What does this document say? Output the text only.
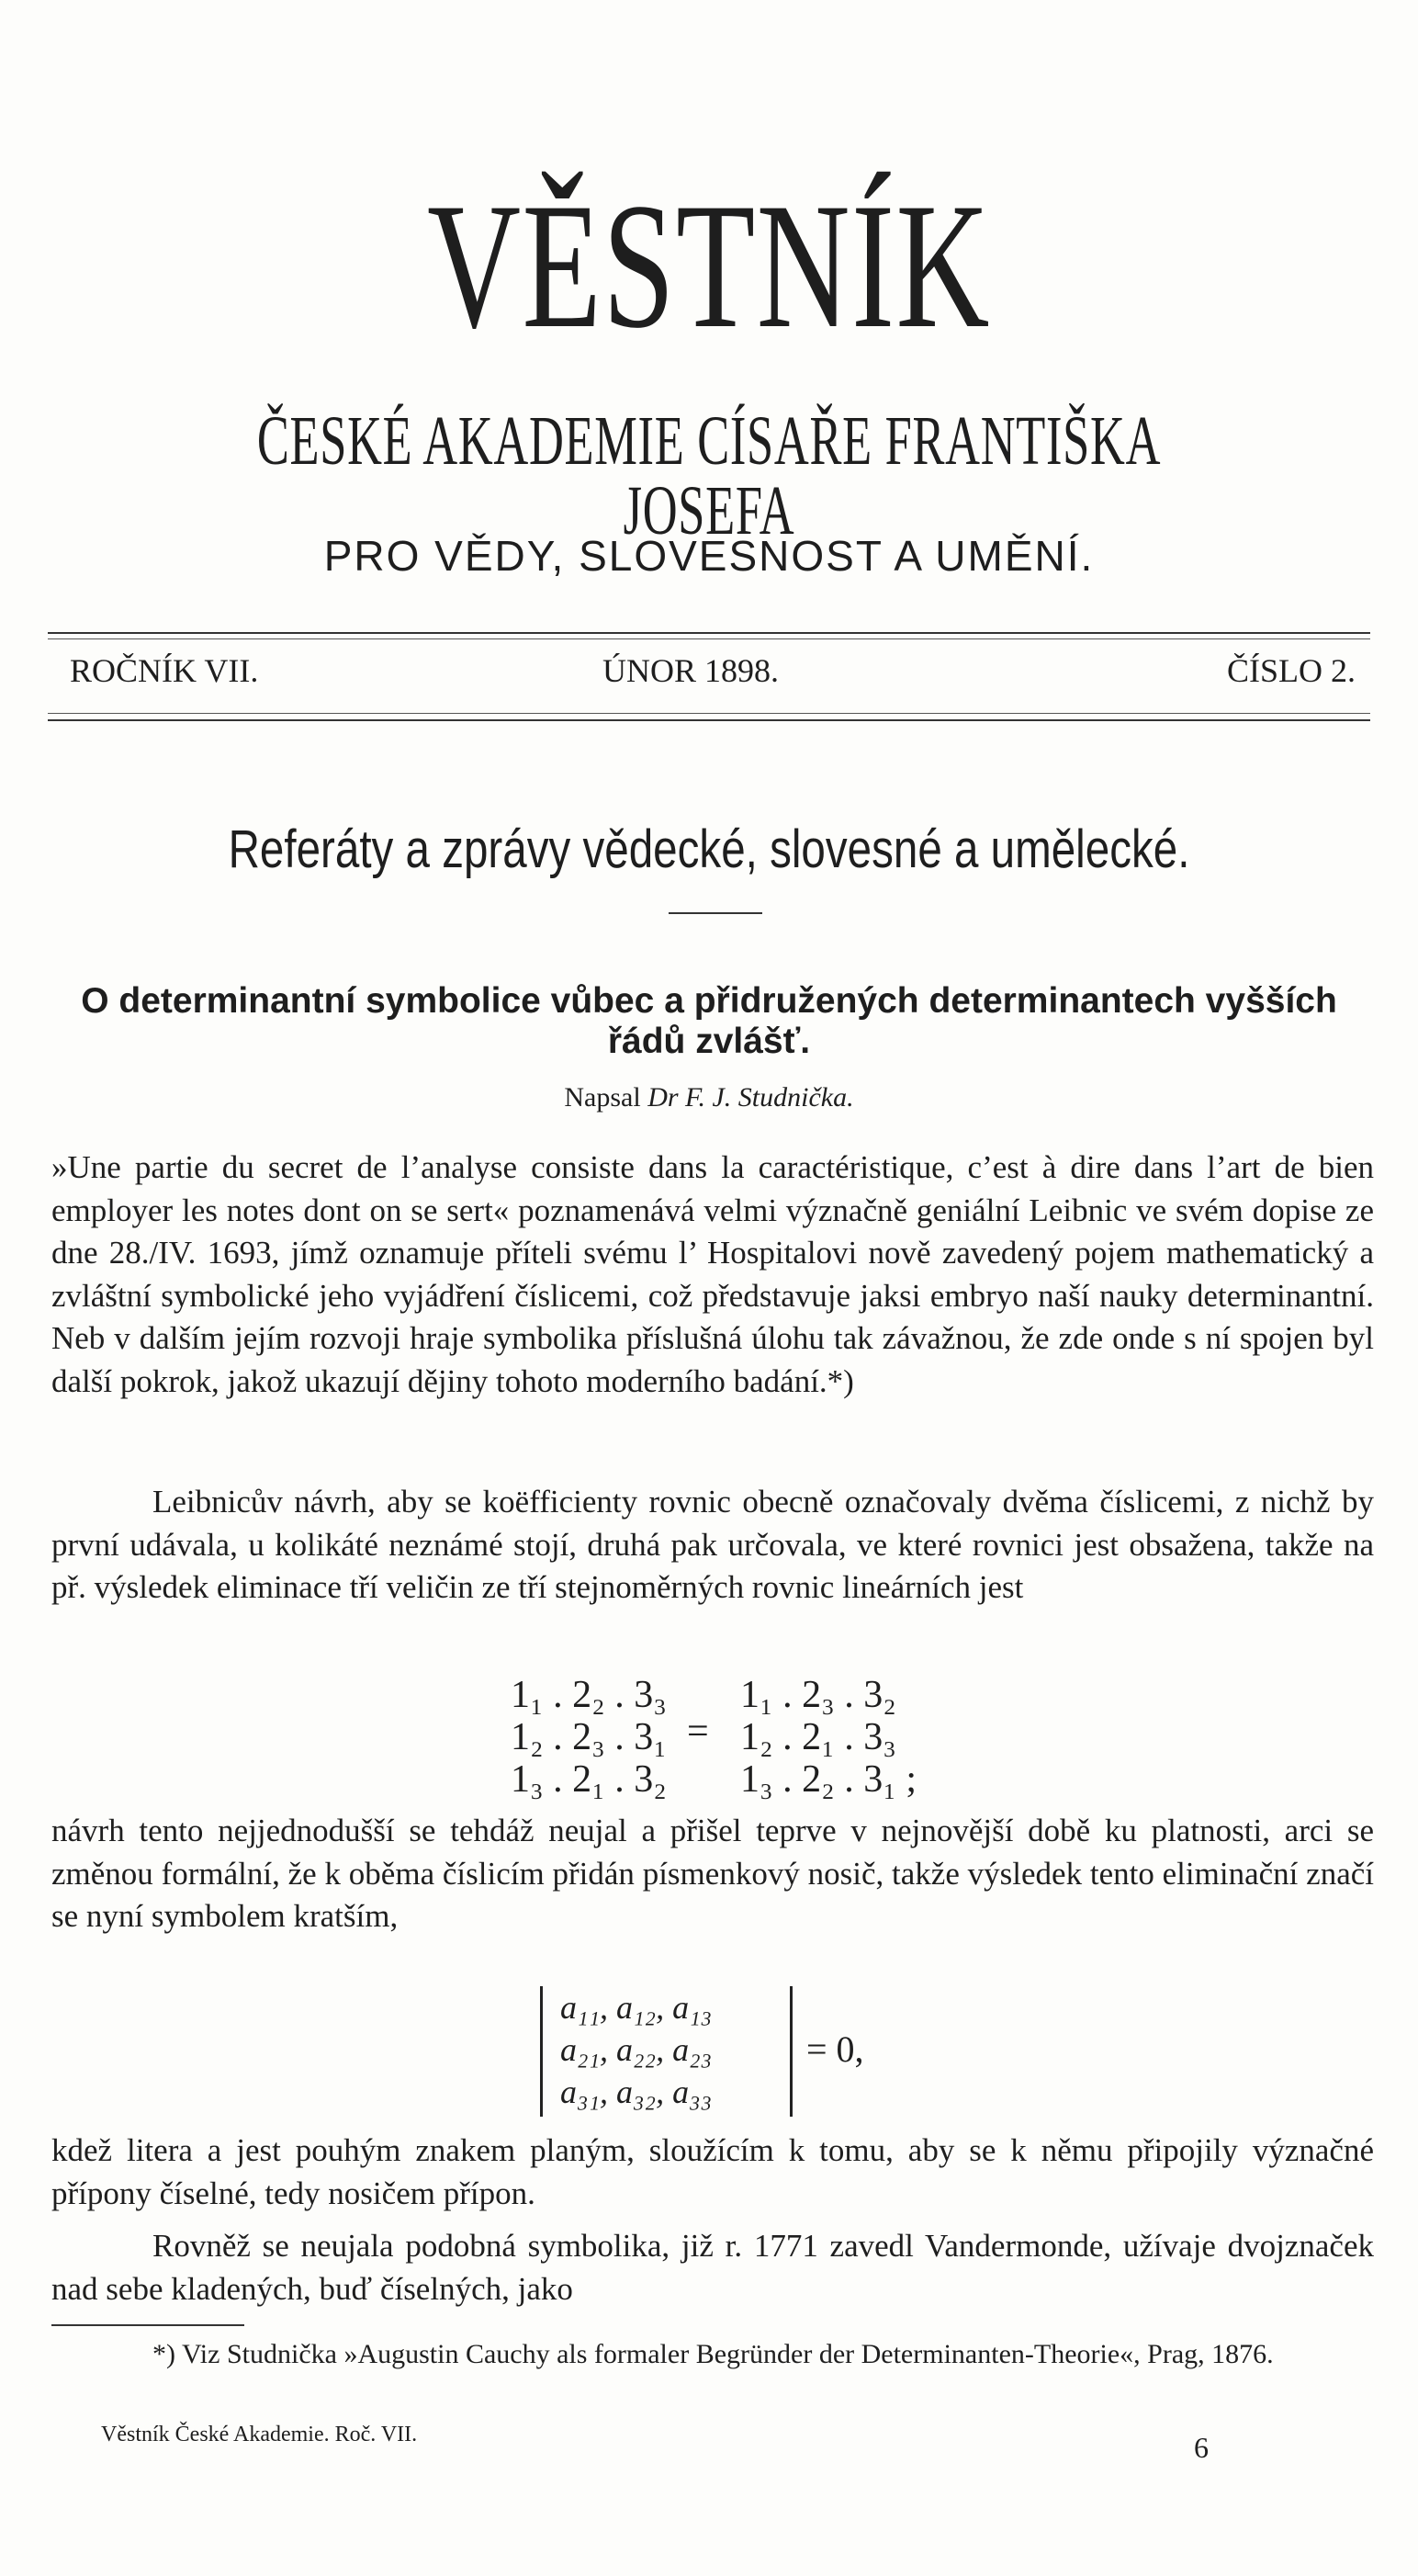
VĚSTNÍK
ČESKÉ AKADEMIE CÍSAŘE FRANTIŠKA JOSEFA
PRO VĚDY, SLOVESNOST A UMĚNÍ.
ROČNÍK VII.	ÚNOR 1898.	ČÍSLO 2.
Referáty a zprávy vědecké, slovesné a umělecké.
O determinantní symbolice vůbec a přidružených determinantech vyšších řádů zvlášť.
Napsal Dr F. J. Studnička.
»Une partie du secret de l’analyse consiste dans la caractéristique, c’est à dire dans l’art de bien employer les notes dont on se sert« poznamenává velmi význačně geniální Leibnic ve svém dopise ze dne 28./IV. 1693, jímž oznamuje příteli svému l’ Hospitalovi nově zavedený pojem mathematický a zvláštní symbolické jeho vyjádření číslicemi, což představuje jaksi embryo naší nauky determinantní. Neb v dalším jejím rozvoji hraje symbolika příslušná úlohu tak závažnou, že zde onde s ní spojen byl další pokrok, jakož ukazují dějiny tohoto moderního badání.*)
Leibnicův návrh, aby se koëfficienty rovnic obecně označovaly dvěma číslicemi, z nichž by první udávala, u kolikáté neznámé stojí, druhá pak určovala, ve které rovnici jest obsažena, takže na př. výsledek eliminace tří veličin ze tří stejnoměrných rovnic lineárních jest
1₁ . 2₂ . 3₃
1₂ . 2₃ . 3₁
1₃ . 2₁ . 3₂
=
1₁ . 2₃ . 3₂
1₂ . 2₁ . 3₃
1₃ . 2₂ . 3₁ ;
návrh tento nejjednodušší se tehdáž neujal a přišel teprve v nejnovější době ku platnosti, arci se změnou formální, že k oběma číslicím přidán písmenkový nosič, takže výsledek tento eliminační značí se nyní symbolem kratším,
a₁₁, a₁₂, a₁₃
a₂₁, a₂₂, a₂₃
a₃₁, a₃₂, a₃₃
= 0,
kdež litera a jest pouhým znakem planým, sloužícím k tomu, aby se k němu připojily význačné přípony číselné, tedy nosičem přípon.
Rovněž se neujala podobná symbolika, již r. 1771 zavedl Vandermonde, užívaje dvojznaček nad sebe kladených, buď číselných, jako
*) Viz Studnička »Augustin Cauchy als formaler Begründer der Determinanten-Theorie«, Prag, 1876.
Věstník České Akademie. Roč. VII.	6
